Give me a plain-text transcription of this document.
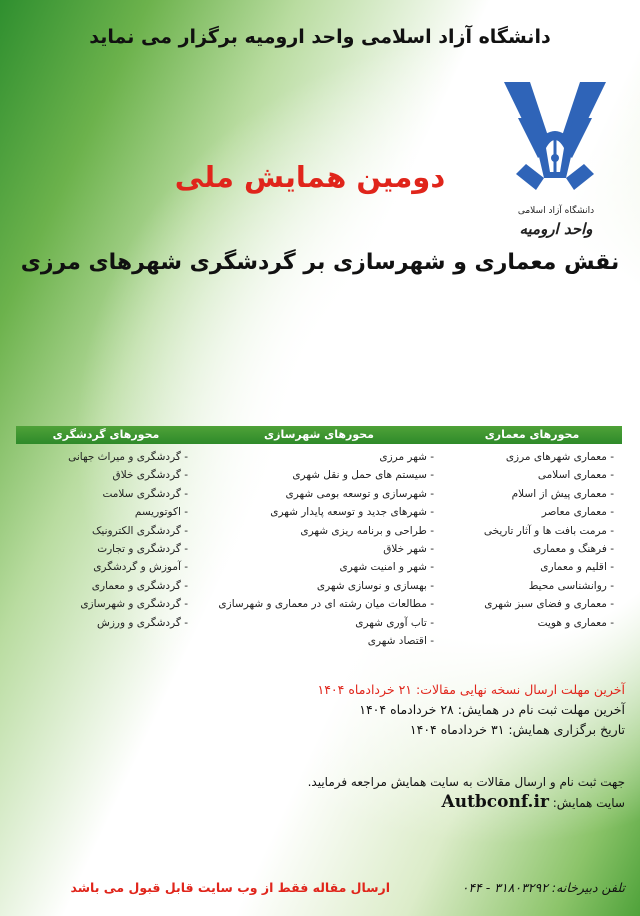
دانشگاه آزاد اسلامی واحد ارومیه برگزار می نماید
دانشگاه آزاد اسلامی
واحد ارومیه
دومین همایش ملی
نقش معماری و شهرسازی بر گردشگری شهرهای مرزی
محورهای معماری
محورهای شهرسازی
محورهای گردشگری
- معماری شهرهای مرزی
- معماری اسلامی
- معماری پیش از اسلام
- معماری معاصر
- مرمت بافت ها و آثار تاریخی
- فرهنگ و معماری
- اقلیم و معماری
- روانشناسی محیط
- معماری و فضای سبز شهری
- معماری و هویت
- شهر مرزی
- سیستم های حمل و نقل شهری
- شهرسازی و توسعه بومی شهری
- شهرهای جدید و توسعه پایدار شهری
- طراحی و برنامه ریزی شهری
- شهر خلاق
- شهر و امنیت شهری
- بهسازی و نوسازی شهری
- مطالعات میان رشته ای در معماری و شهرسازی
- تاب آوری شهری
- اقتصاد شهری
- گردشگری و میراث جهانی
- گردشگری خلاق
- گردشگری سلامت
- اکوتوریسم
- گردشگری الکترونیک
- گردشگری و تجارت
- آموزش و گردشگری
- گردشگری و معماری
- گردشگری و شهرسازی
- گردشگری و ورزش
آخرین مهلت ارسال نسخه نهایی مقالات: ۲۱ خردادماه ۱۴۰۴
آخرین مهلت ثبت نام در همایش: ۲۸ خردادماه ۱۴۰۴
تاریخ برگزاری همایش: ۳۱ خردادماه ۱۴۰۴
جهت ثبت نام و ارسال مقالات به سایت همایش مراجعه فرمایید.
سایت همایش: Autbconf.ir
تلفن دبیرخانه: ۳۱۸۰۳۲۹۲ - ۰۴۴
ارسال مقاله فقط از وب سایت قابل قبول می باشد
